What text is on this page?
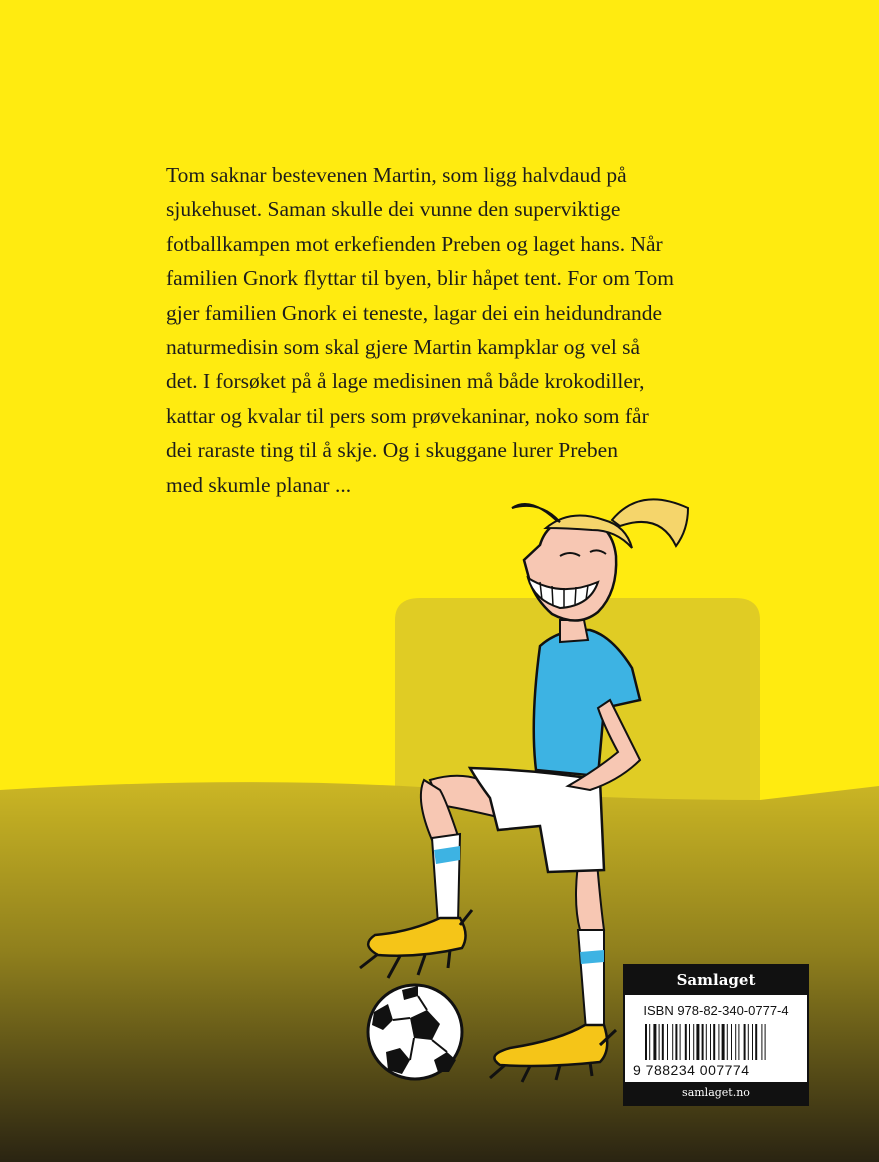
Tom saknar bestevenen Martin, som ligg halvdaud på
sjukehuset. Saman skulle dei vunne den superviktige
fotballkampen mot erkefienden Preben og laget hans. Når
familien Gnork flyttar til byen, blir håpet tent. For om Tom
gjer familien Gnork ei teneste, lagar dei ein heidundrande
naturmedisin som skal gjere Martin kampklar og vel så
det. I forsøket på å lage medisinen må både krokodiller,
kattar og kvalar til pers som prøvekaninar, noko som får
dei raraste ting til å skje. Og i skuggane lurer Preben
med skumle planar ...

Samlaget
ISBN 978-82-340-0777-4
9 788234 007774
samlaget.no
